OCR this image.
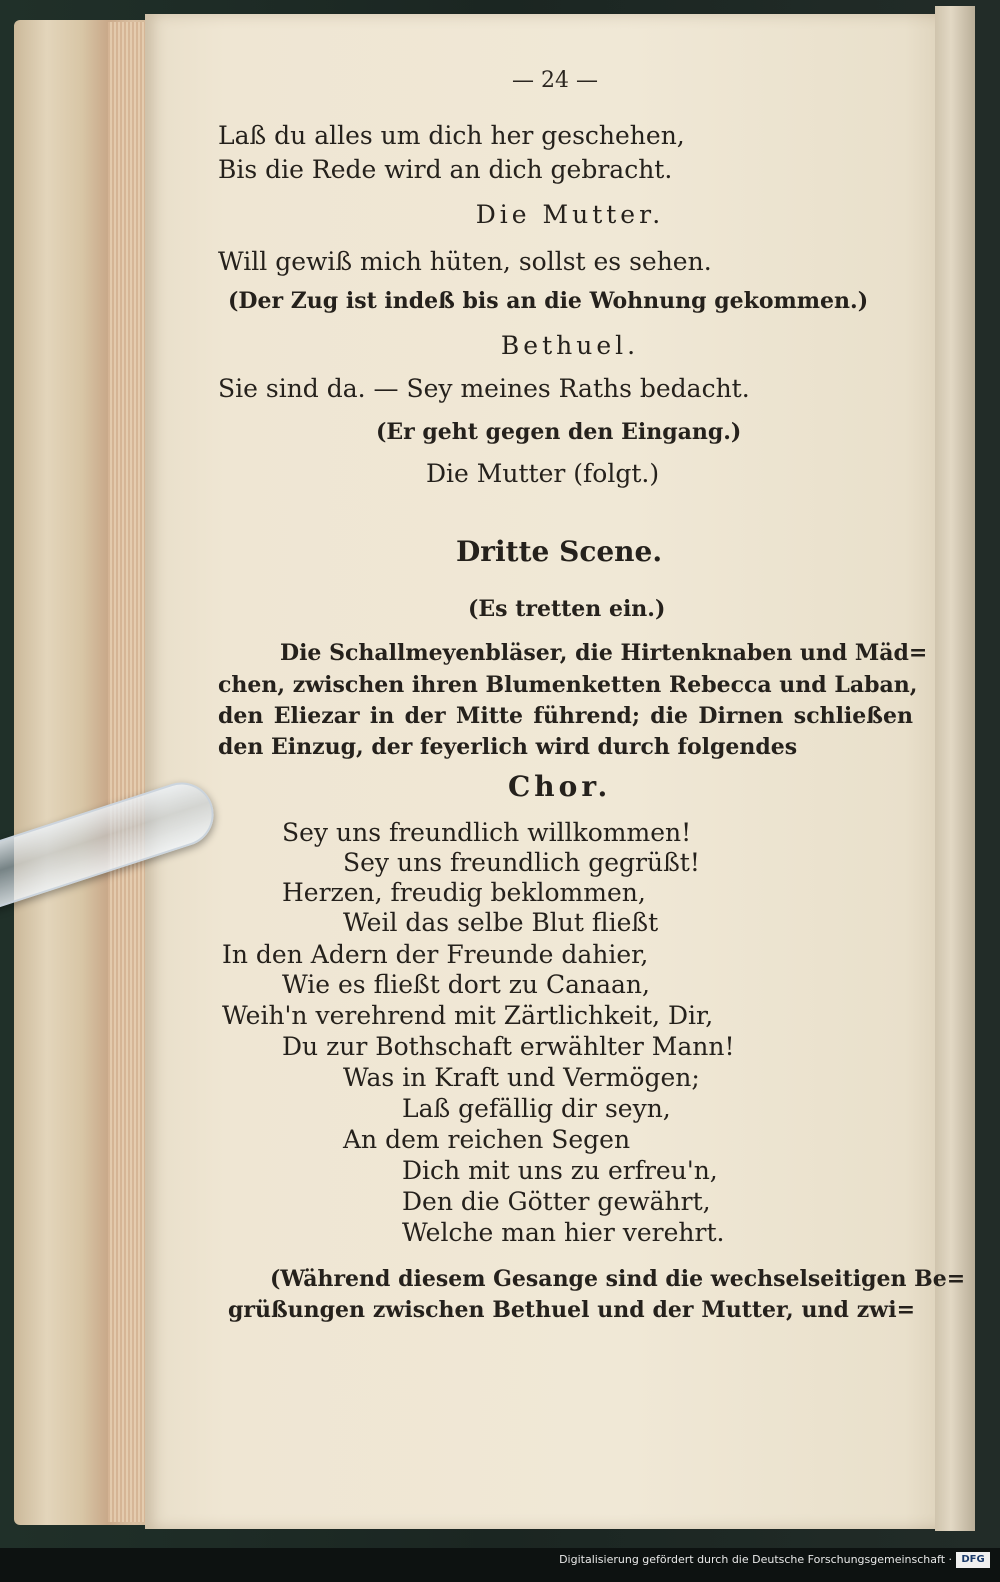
— 24 —
Laß du alles um dich her geschehen,
Bis die Rede wird an dich gebracht.
Die Mutter.
Will gewiß mich hüten, sollst es sehen.
(Der Zug ist indeß bis an die Wohnung gekommen.)
Bethuel.
Sie sind da. — Sey meines Raths bedacht.
(Er geht gegen den Eingang.)
Die Mutter (folgt.)
Dritte Scene.
(Es tretten ein.)
Die Schallmeyenbläser, die Hirtenknaben und Mäd=
chen, zwischen ihren Blumenketten Rebecca und Laban,
den Eliezar in der Mitte führend; die Dirnen schließen
den Einzug, der feyerlich wird durch folgendes
Chor.
Sey uns freundlich willkommen!
Sey uns freundlich gegrüßt!
Herzen, freudig beklommen,
Weil das selbe Blut fließt
In den Adern der Freunde dahier,
Wie es fließt dort zu Canaan,
Weih'n verehrend mit Zärtlichkeit, Dir,
Du zur Bothschaft erwählter Mann!
Was in Kraft und Vermögen;
Laß gefällig dir seyn,
An dem reichen Segen
Dich mit uns zu erfreu'n,
Den die Götter gewährt,
Welche man hier verehrt.
(Während diesem Gesange sind die wechselseitigen Be=
grüßungen zwischen Bethuel und der Mutter, und zwi=
Digitalisierung gefördert durch die Deutsche Forschungsgemeinschaft · DFG
